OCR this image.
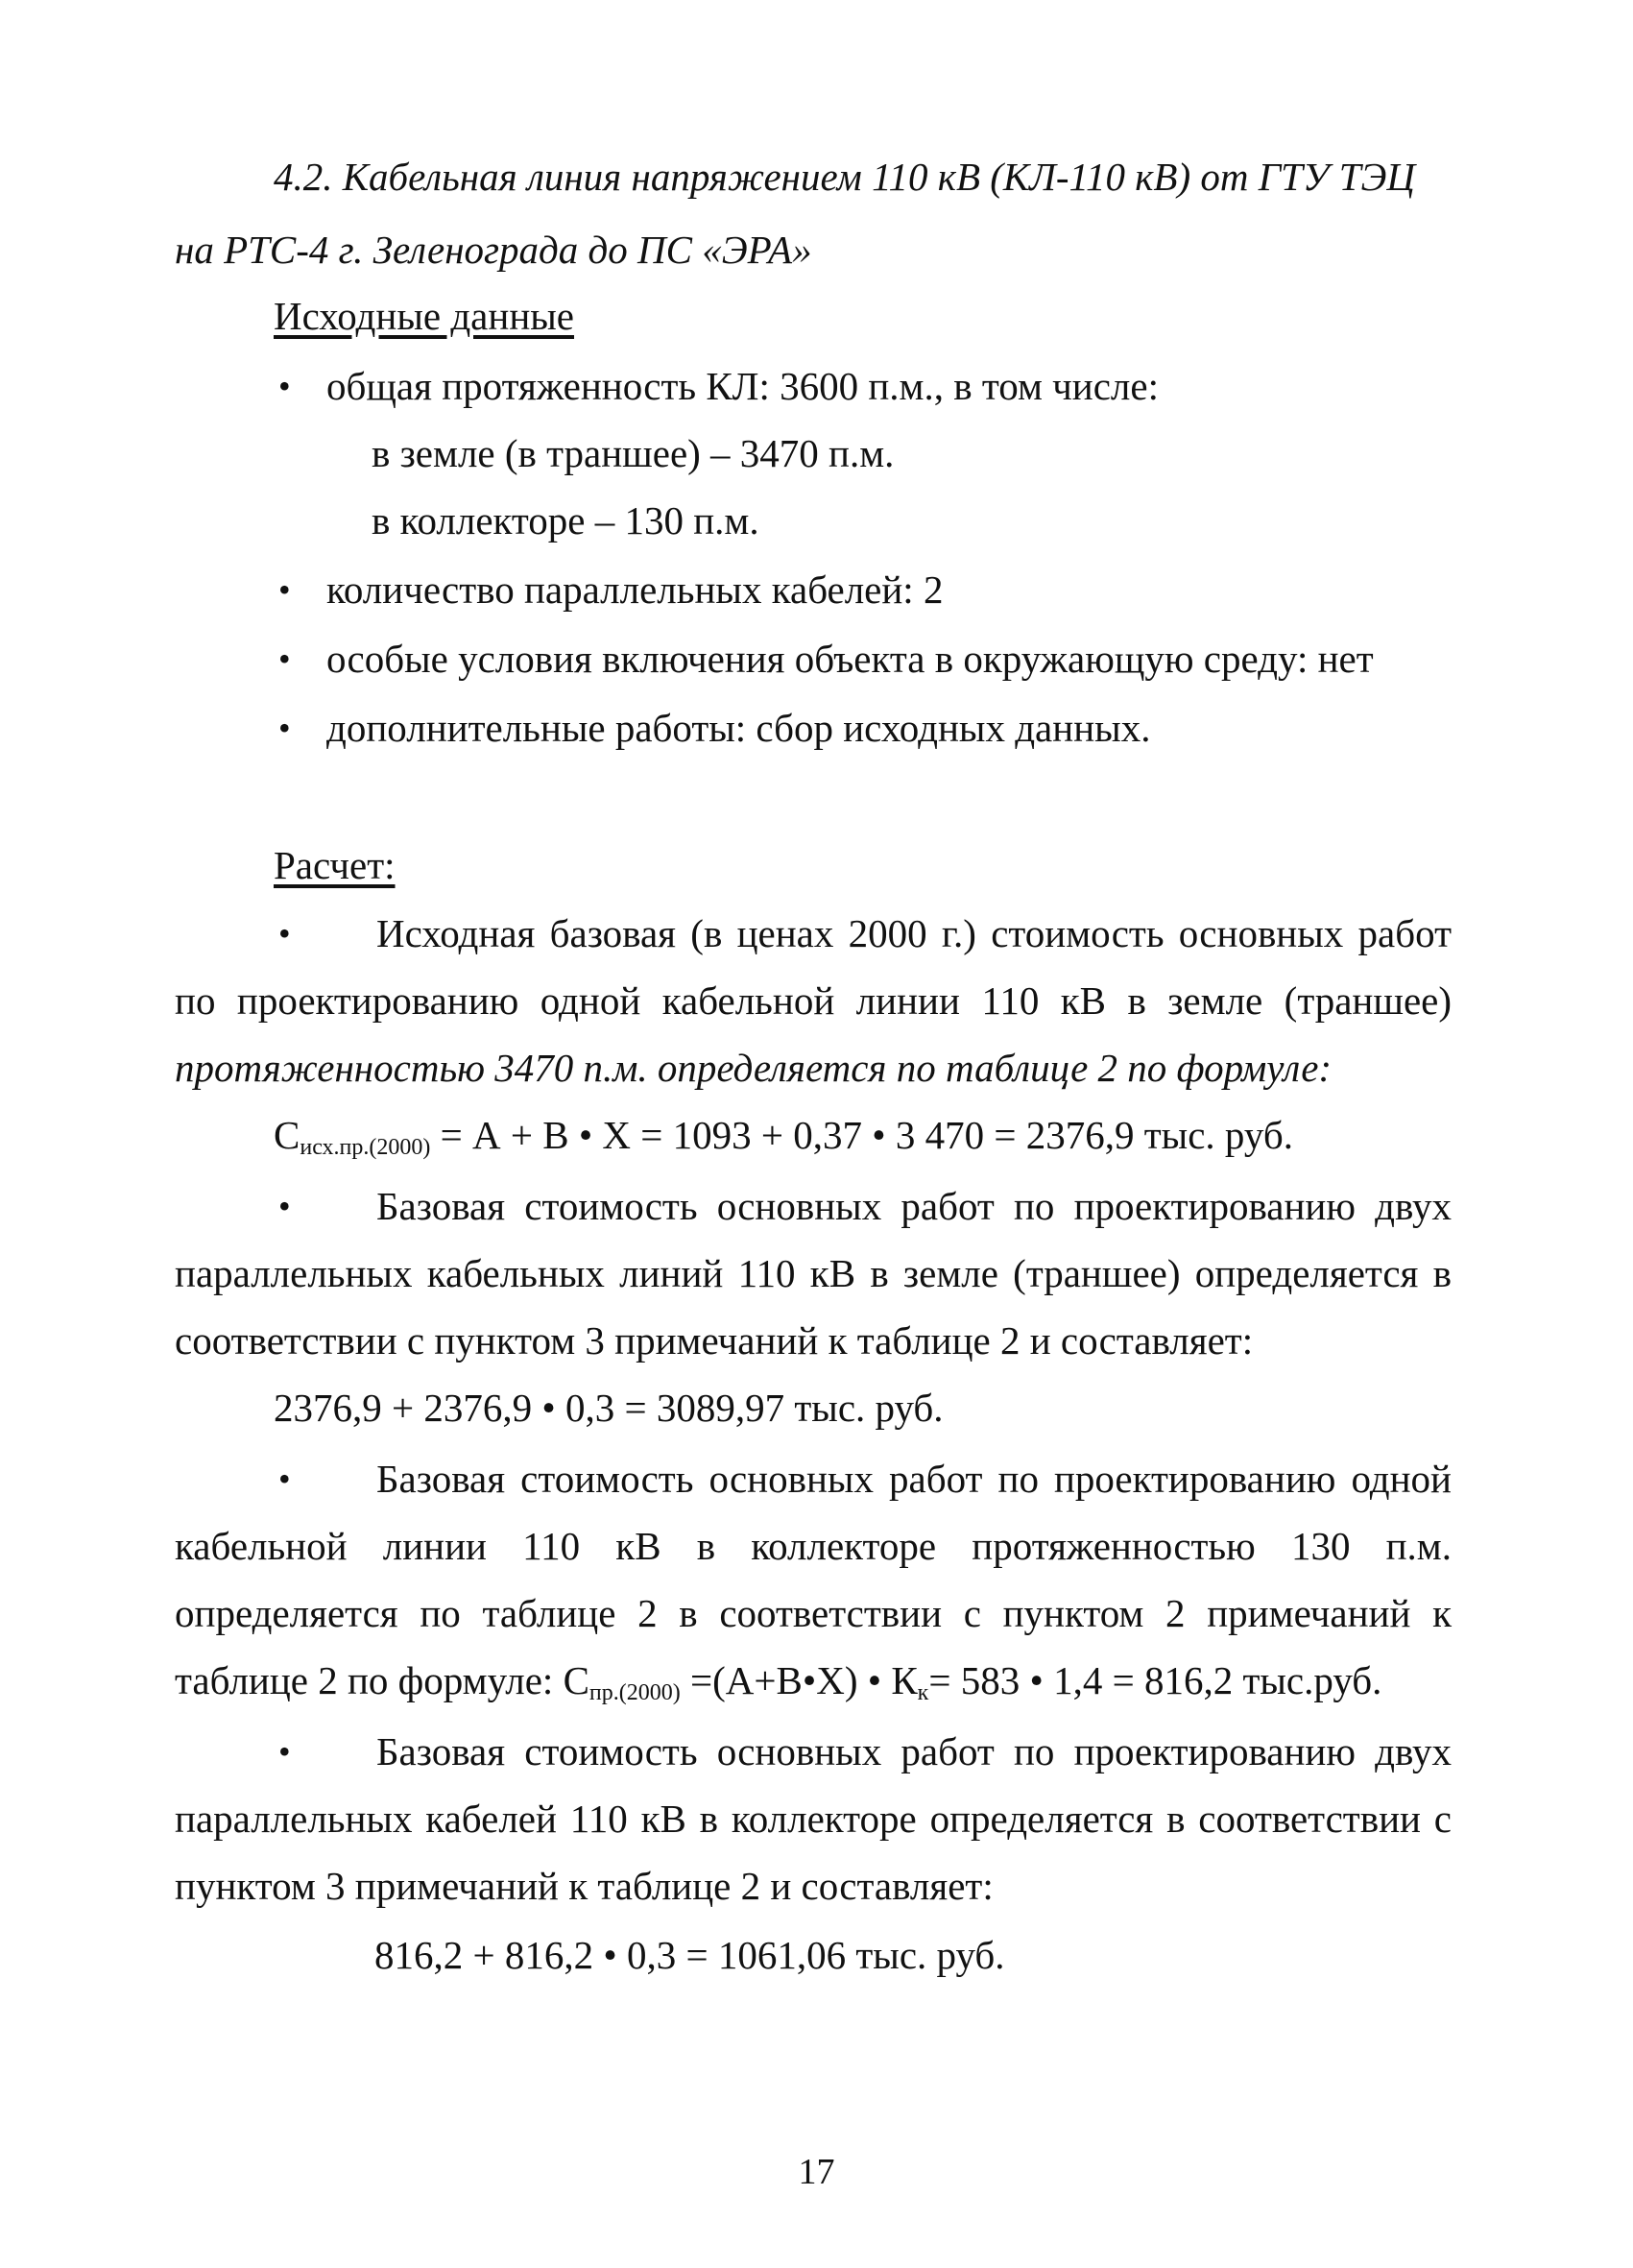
4.2. Кабельная линия напряжением 110 кВ (КЛ-110 кВ) от ГТУ ТЭЦ
на РТС-4 г. Зеленограда до ПС «ЭРА»
Исходные данные
• общая протяженность КЛ: 3600 п.м., в том числе:
в земле (в траншее) – 3470 п.м.
в коллекторе – 130 п.м.
• количество параллельных кабелей: 2
• особые условия включения объекта в окружающую среду: нет
• дополнительные работы: сбор исходных данных.
Расчет:
• Исходная базовая (в ценах 2000 г.) стоимость основных работ
по проектированию одной кабельной линии 110 кВ в земле (траншее)
протяженностью 3470 п.м. определяется по таблице 2 по формуле:
$С_{исх.пр.(2000)} = А + В$ • Х = 1093 + 0,37 • 3 470 = 2376,9 тыс. руб.
• Базовая стоимость основных работ по проектированию двух
параллельных кабельных линий 110 кВ в земле (траншее) определяется в
соответствии с пунктом 3 примечаний к таблице 2 и составляет:
2376,9 + 2376,9 • 0,3 = 3089,97 тыс. руб.
• Базовая стоимость основных работ по проектированию одной
кабельной линии 110 кВ в коллекторе протяженностью 130 п.м.
определяется по таблице 2 в соответствии с пунктом 2 примечаний к
таблице 2 по формуле: $С_{пр.(2000)}$ =(А+В•Х) • $К_к= 583$ • 1,4 = 816,2 тыс.руб.
• Базовая стоимость основных работ по проектированию двух
параллельных кабелей 110 кВ в коллекторе определяется в соответствии с
пунктом 3 примечаний к таблице 2 и составляет:
816,2 + 816,2 • 0,3 = 1061,06 тыс. руб.
17
